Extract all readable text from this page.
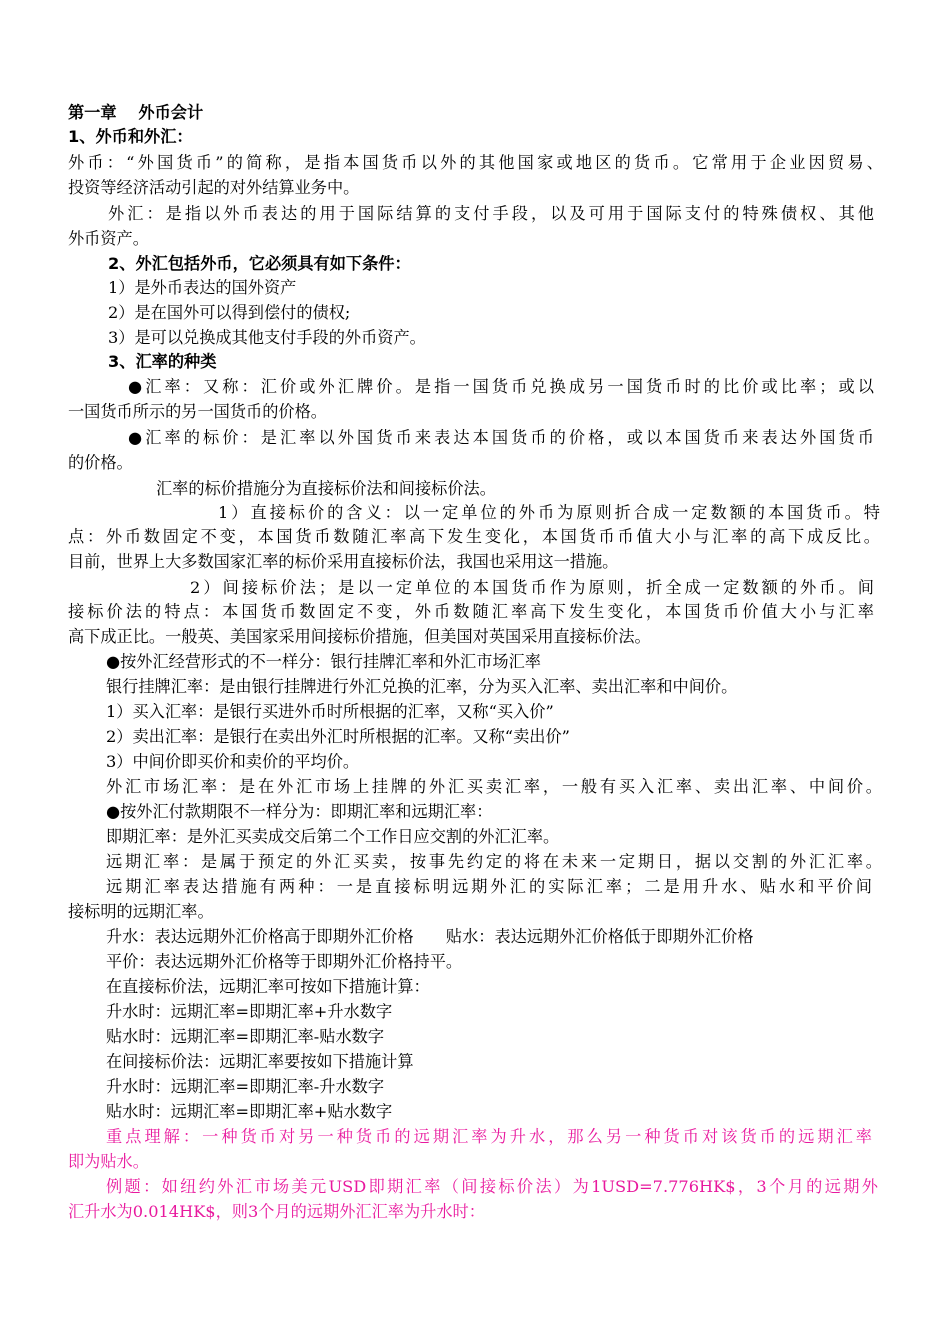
第一章　 外币会计
1、外币和外汇：
外币：“外国货币”的简称，是指本国货币以外的其他国家或地区的货币。它常用于企业因贸易、
投资等经济活动引起的对外结算业务中。
外汇：是指以外币表达的用于国际结算的支付手段，以及可用于国际支付的特殊债权、其他
外币资产。
2、外汇包括外币，它必须具有如下条件：
1）是外币表达的国外资产
2）是在国外可以得到偿付的债权;
3）是可以兑换成其他支付手段的外币资产。
3、汇率的种类
●汇率：又称：汇价或外汇牌价。是指一国货币兑换成另一国货币时的比价或比率；或以
一国货币所示的另一国货币的价格。
●汇率的标价：是汇率以外国货币来表达本国货币的价格，或以本国货币来表达外国货币
的价格。
汇率的标价措施分为直接标价法和间接标价法。
1）直接标价的含义：以一定单位的外币为原则折合成一定数额的本国货币。特
点：外币数固定不变，本国货币数随汇率高下发生变化，本国货币币值大小与汇率的高下成反比。
目前，世界上大多数国家汇率的标价采用直接标价法，我国也采用这一措施。
2）间接标价法；是以一定单位的本国货币作为原则，折全成一定数额的外币。间
接标价法的特点：本国货币数固定不变，外币数随汇率高下发生变化，本国货币价值大小与汇率
高下成正比。一般英、美国家采用间接标价措施，但美国对英国采用直接标价法。
●按外汇经营形式的不一样分：银行挂牌汇率和外汇市场汇率
银行挂牌汇率：是由银行挂牌进行外汇兑换的汇率，分为买入汇率、卖出汇率和中间价。
1）买入汇率：是银行买进外币时所根据的汇率，又称“买入价”
2）卖出汇率：是银行在卖出外汇时所根据的汇率。又称“卖出价”
3）中间价即买价和卖价的平均价。
外汇市场汇率：是在外汇市场上挂牌的外汇买卖汇率，一般有买入汇率、卖出汇率、中间价。
●按外汇付款期限不一样分为：即期汇率和远期汇率：
即期汇率：是外汇买卖成交后第二个工作日应交割的外汇汇率。
远期汇率：是属于预定的外汇买卖，按事先约定的将在未来一定期日，据以交割的外汇汇率。
远期汇率表达措施有两种：一是直接标明远期外汇的实际汇率；二是用升水、贴水和平价间
接标明的远期汇率。
升水：表达远期外汇价格高于即期外汇价格　　贴水：表达远期外汇价格低于即期外汇价格
平价：表达远期外汇价格等于即期外汇价格持平。
在直接标价法，远期汇率可按如下措施计算：
升水时：远期汇率=即期汇率+升水数字
贴水时：远期汇率=即期汇率-贴水数字
在间接标价法：远期汇率要按如下措施计算
升水时：远期汇率=即期汇率-升水数字
贴水时：远期汇率=即期汇率+贴水数字
重点理解：一种货币对另一种货币的远期汇率为升水，那么另一种货币对该货币的远期汇率
即为贴水。
例题：如纽约外汇市场美元USD即期汇率（间接标价法）为1USD=7.776HK$，3个月的远期外
汇升水为0.014HK$，则3个月的远期外汇汇率为升水时：
